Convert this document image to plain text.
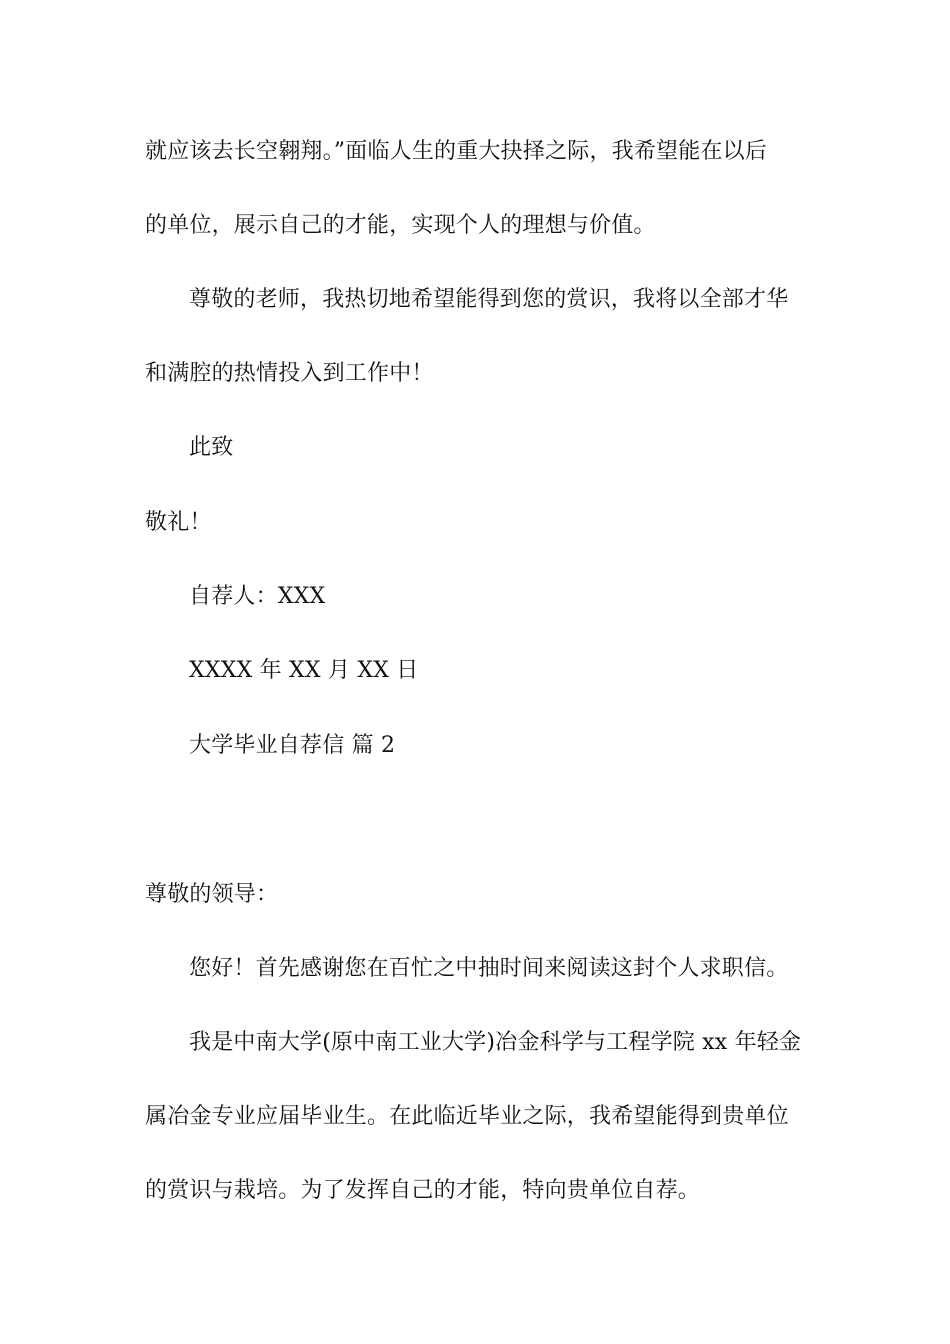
就应该去长空翱翔。”面临人生的重大抉择之际，我希望能在以后
的单位，展示自己的才能，实现个人的理想与价值。
尊敬的老师，我热切地希望能得到您的赏识，我将以全部才华
和满腔的热情投入到工作中！
此致
敬礼！
自荐人：XXX
XXXX 年 XX 月 XX 日
大学毕业自荐信 篇 2
尊敬的领导：
您好！首先感谢您在百忙之中抽时间来阅读这封个人求职信。
我是中南大学(原中南工业大学)冶金科学与工程学院 xx 年轻金
属冶金专业应届毕业生。在此临近毕业之际，我希望能得到贵单位
的赏识与栽培。为了发挥自己的才能，特向贵单位自荐。
